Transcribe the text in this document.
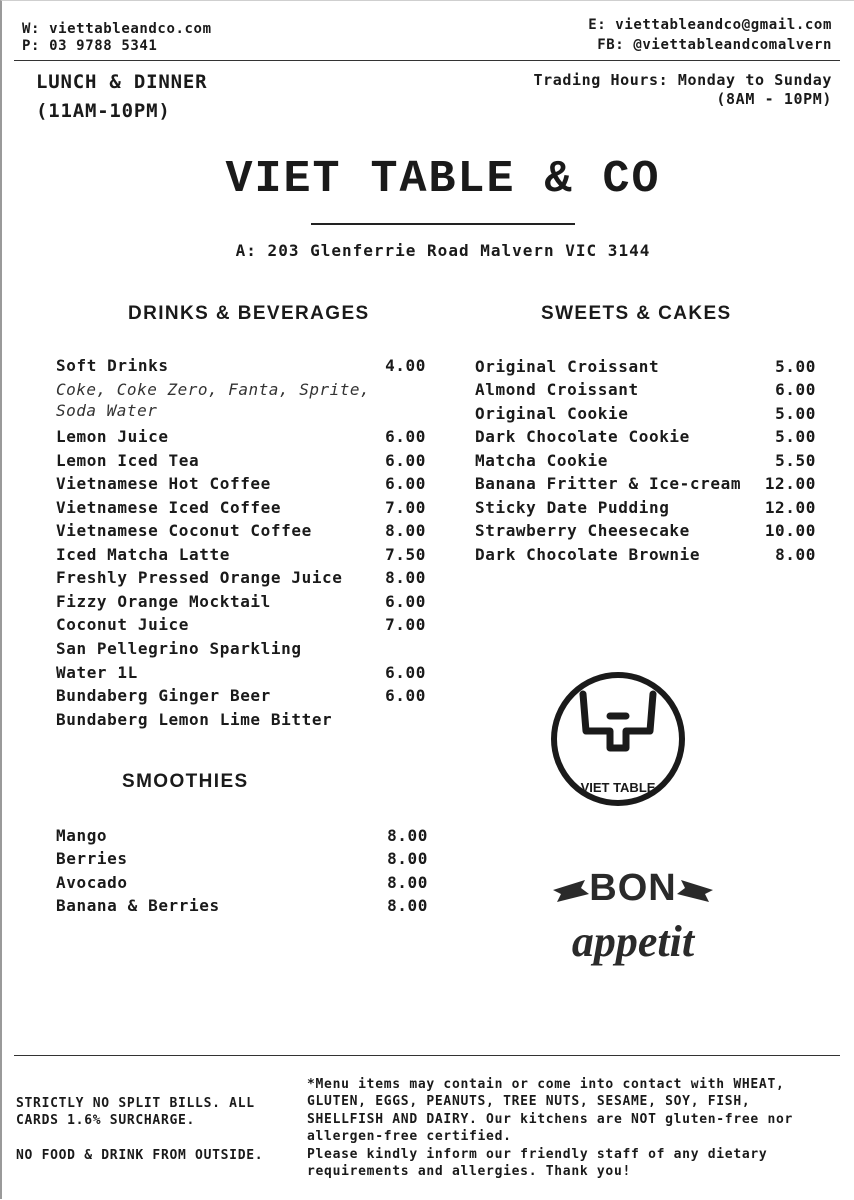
W: viettableandco.com
P: 03 9788 5341
E: viettableandco@gmail.com
FB: @viettableandcomalvern
LUNCH & DINNER
(11AM-10PM)
Trading Hours: Monday to Sunday
(8AM - 10PM)
VIET TABLE & CO
A: 203 Glenferrie Road Malvern VIC 3144
DRINKS & BEVERAGES
Soft Drinks	4.00
Coke, Coke Zero, Fanta, Sprite,
Soda Water
Lemon Juice	6.00
Lemon Iced Tea	6.00
Vietnamese Hot Coffee	6.00
Vietnamese Iced Coffee	7.00
Vietnamese Coconut Coffee	8.00
Iced Matcha Latte	7.50
Freshly Pressed Orange Juice	8.00
Fizzy Orange Mocktail	6.00
Coconut Juice	7.00
San Pellegrino Sparkling
Water 1L	6.00
Bundaberg Ginger Beer	6.00
Bundaberg Lemon Lime Bitter
SMOOTHIES
Mango	8.00
Berries	8.00
Avocado	8.00
Banana & Berries	8.00
SWEETS & CAKES
Original Croissant	5.00
Almond Croissant	6.00
Original Cookie	5.00
Dark Chocolate Cookie	5.00
Matcha Cookie	5.50
Banana Fritter & Ice-cream 12.00
Sticky Date Pudding	12.00
Strawberry Cheesecake	10.00
Dark Chocolate Brownie	8.00
VIET TABLE
BON
appetit
STRICTLY NO SPLIT BILLS. ALL
CARDS 1.6% SURCHARGE.
NO FOOD & DRINK FROM OUTSIDE.
*Menu items may contain or come into contact with WHEAT,
GLUTEN, EGGS, PEANUTS, TREE NUTS, SESAME, SOY, FISH,
SHELLFISH AND DAIRY. Our kitchens are NOT gluten-free nor
allergen-free certified.
Please kindly inform our friendly staff of any dietary
requirements and allergies. Thank you!
